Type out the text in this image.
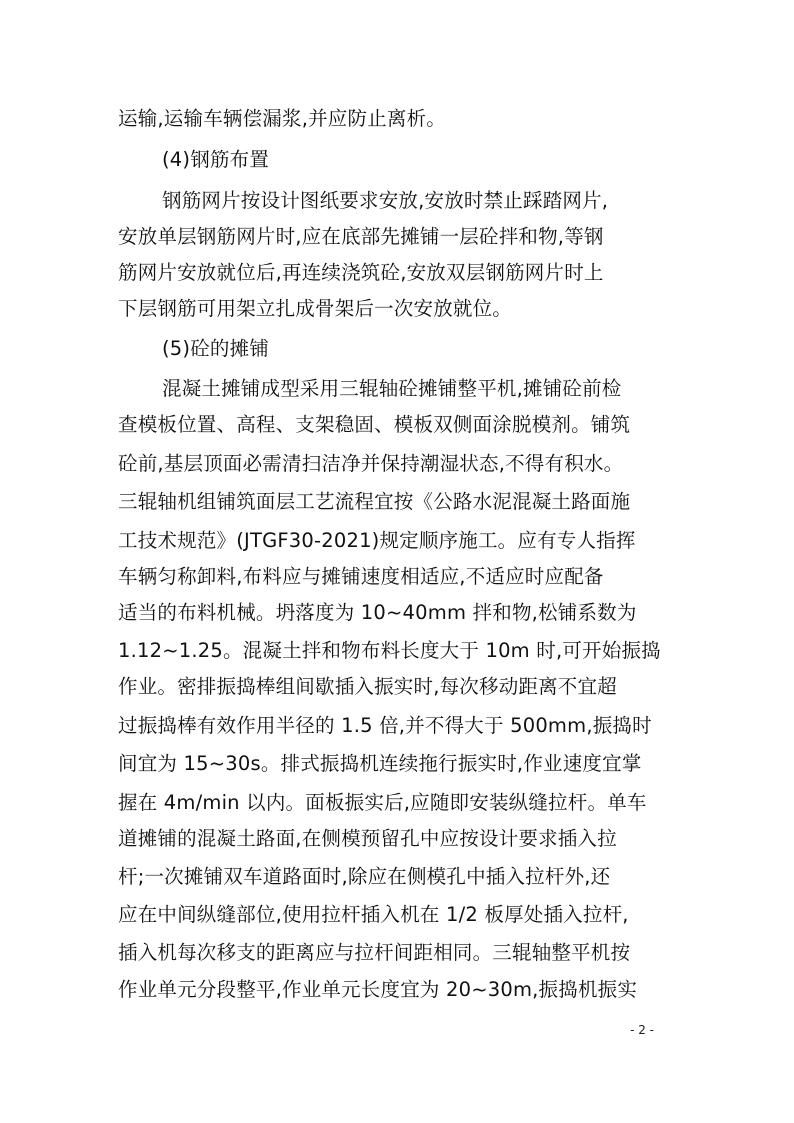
运输,运输车辆偿漏浆,并应防止离析。
(4)钢筋布置
钢筋网片按设计图纸要求安放,安放时禁止踩踏网片,
安放单层钢筋网片时,应在底部先摊铺一层砼拌和物,等钢
筋网片安放就位后,再连续浇筑砼,安放双层钢筋网片时上
下层钢筋可用架立扎成骨架后一次安放就位。
(5)砼的摊铺
混凝土摊铺成型采用三辊轴砼摊铺整平机,摊铺砼前检
查模板位置、高程、支架稳固、模板双侧面涂脱模剂。铺筑
砼前,基层顶面必需清扫洁净并保持潮湿状态,不得有积水。
三辊轴机组铺筑面层工艺流程宜按《公路水泥混凝土路面施
工技术规范》(JTGF30-2021)规定顺序施工。应有专人指挥
车辆匀称卸料,布料应与摊铺速度相适应,不适应时应配备
适当的布料机械。坍落度为 10~40mm 拌和物,松铺系数为
1.12~1.25。混凝土拌和物布料长度大于 10m 时,可开始振捣
作业。密排振捣棒组间歇插入振实时,每次移动距离不宜超
过振捣棒有效作用半径的 1.5 倍,并不得大于 500mm,振捣时
间宜为 15~30s。排式振捣机连续拖行振实时,作业速度宜掌
握在 4m/min 以内。面板振实后,应随即安装纵缝拉杆。单车
道摊铺的混凝土路面,在侧模预留孔中应按设计要求插入拉
杆;一次摊铺双车道路面时,除应在侧模孔中插入拉杆外,还
应在中间纵缝部位,使用拉杆插入机在 1/2 板厚处插入拉杆,
插入机每次移支的距离应与拉杆间距相同。三辊轴整平机按
作业单元分段整平,作业单元长度宜为 20~30m,振捣机振实
- 2 -
